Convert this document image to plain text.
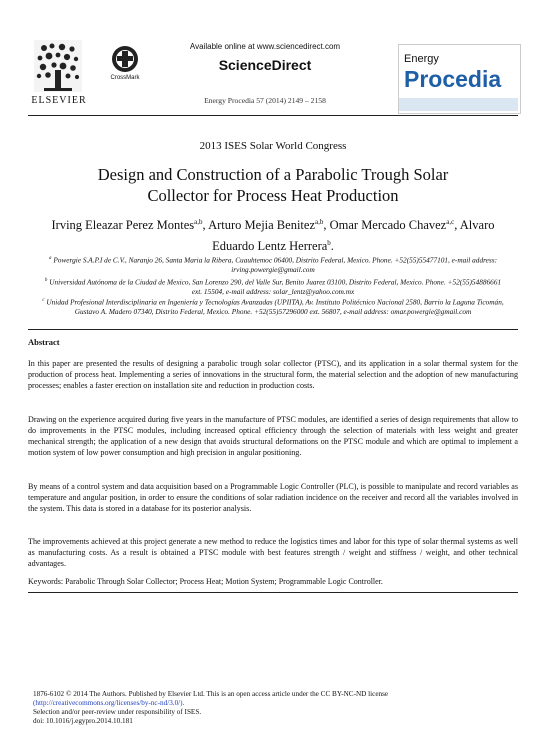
ELSEVIER
CrossMark
Available online at www.sciencedirect.com
ScienceDirect
Energy Procedia 57 (2014) 2149 – 2158
Energy
Procedia
2013 ISES Solar World Congress
Design and Construction of a Parabolic Trough Solar
Collector for Process Heat Production
Irving Eleazar Perez Montes$^{a,b}$, Arturo Mejia Benitez$^{a,b}$, Omar Mercado Chavez$^{a,c}$, Alvaro Eduardo Lentz Herrera$^b$.
$^a$ Powergie S.A.P.I de C.V., Naranjo 26, Santa Maria la Ribera, Cuauhtemoc 06400, Distrito Federal, Mexico. Phone. +52(55)55477101, e-mail address: irving.powergie@gmail.com
$^b$ Universidad Autónoma de la Ciudad de Mexico, San Lorenzo 290, del Valle Sur, Benito Juarez 03100, Distrito Federal, Mexico. Phone. +52(55)54886661 ext. 15504, e-mail address: solar_lentz@yahoo.com.mx
$^c$ Unidad Profesional Interdisciplinaria en Ingeniería y Tecnologías Avanzadas (UPIITA), Av. Instituto Politécnico Nacional 2580, Barrio la Laguna Ticomán, Gustavo A. Madero 07340, Distrito Federal, Mexico. Phone. +52(55)57296000 ext. 56807, e-mail address: omar.powergie@gmail.com
Abstract
In this paper are presented the results of designing a parabolic trough solar collector (PTSC), and its application in a solar thermal system for the production of process heat. Implementing a series of innovations in the structural form, the material selection and the adoption of new manufacturing processes; enables a faster erection on installation site and reduction in production costs.
Drawing on the experience acquired during five years in the manufacture of PTSC modules, are identified a series of design requirements that allow to do improvements in the PTSC modules, including increased optical efficiency through the selection of materials with less weight and greater mechanical strength; the application of a new design that avoids structural deformations on the PTSC module and which are optimal to implement a motion system of low power consumption and high precision in angular positioning.
By means of a control system and data acquisition based on a Programmable Logic Controller (PLC), is possible to manipulate and record variables as temperature and angular position, in order to ensure the conditions of solar radiation incidence on the receiver and record all the variables involved in the system. This data is stored in a database for its posterior analysis.
The improvements achieved at this project generate a new method to reduce the logistics times and labor for this type of solar thermal systems as well as manufacturing costs. As a result is obtained a PTSC module with best features strength / weight and stiffness / weight, and other technical advantages.
Keywords: Parabolic Through Solar Collector; Process Heat; Motion System; Programmable Logic Controller.
1876-6102 © 2014 The Authors. Published by Elsevier Ltd. This is an open access article under the CC BY-NC-ND license
(http://creativecommons.org/licenses/by-nc-nd/3.0/).
Selection and/or peer-review under responsibility of ISES.
doi: 10.1016/j.egypro.2014.10.181
